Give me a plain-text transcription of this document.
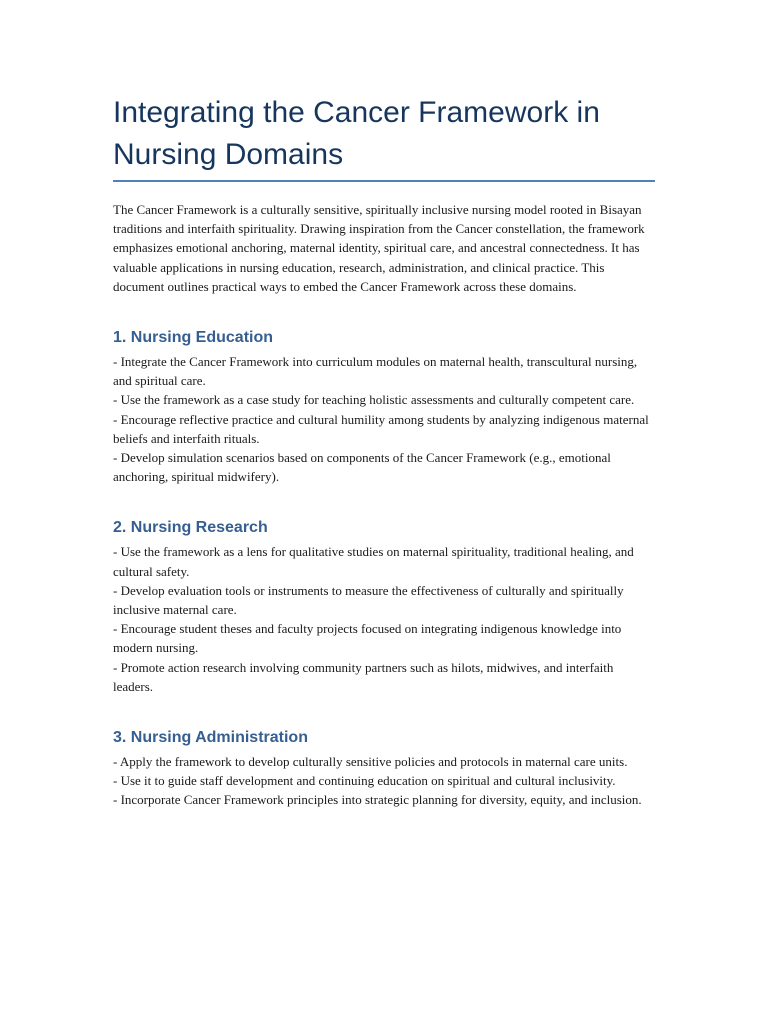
Integrating the Cancer Framework in Nursing Domains

The Cancer Framework is a culturally sensitive, spiritually inclusive nursing model rooted in Bisayan traditions and interfaith spirituality. Drawing inspiration from the Cancer constellation, the framework emphasizes emotional anchoring, maternal identity, spiritual care, and ancestral connectedness. It has valuable applications in nursing education, research, administration, and clinical practice. This document outlines practical ways to embed the Cancer Framework across these domains.

1. Nursing Education
- Integrate the Cancer Framework into curriculum modules on maternal health, transcultural nursing, and spiritual care.
- Use the framework as a case study for teaching holistic assessments and culturally competent care.
- Encourage reflective practice and cultural humility among students by analyzing indigenous maternal beliefs and interfaith rituals.
- Develop simulation scenarios based on components of the Cancer Framework (e.g., emotional anchoring, spiritual midwifery).
2. Nursing Research
- Use the framework as a lens for qualitative studies on maternal spirituality, traditional healing, and cultural safety.
- Develop evaluation tools or instruments to measure the effectiveness of culturally and spiritually inclusive maternal care.
- Encourage student theses and faculty projects focused on integrating indigenous knowledge into modern nursing.
- Promote action research involving community partners such as hilots, midwives, and interfaith leaders.
3. Nursing Administration
- Apply the framework to develop culturally sensitive policies and protocols in maternal care units.
- Use it to guide staff development and continuing education on spiritual and cultural inclusivity.
- Incorporate Cancer Framework principles into strategic planning for diversity, equity, and inclusion.
